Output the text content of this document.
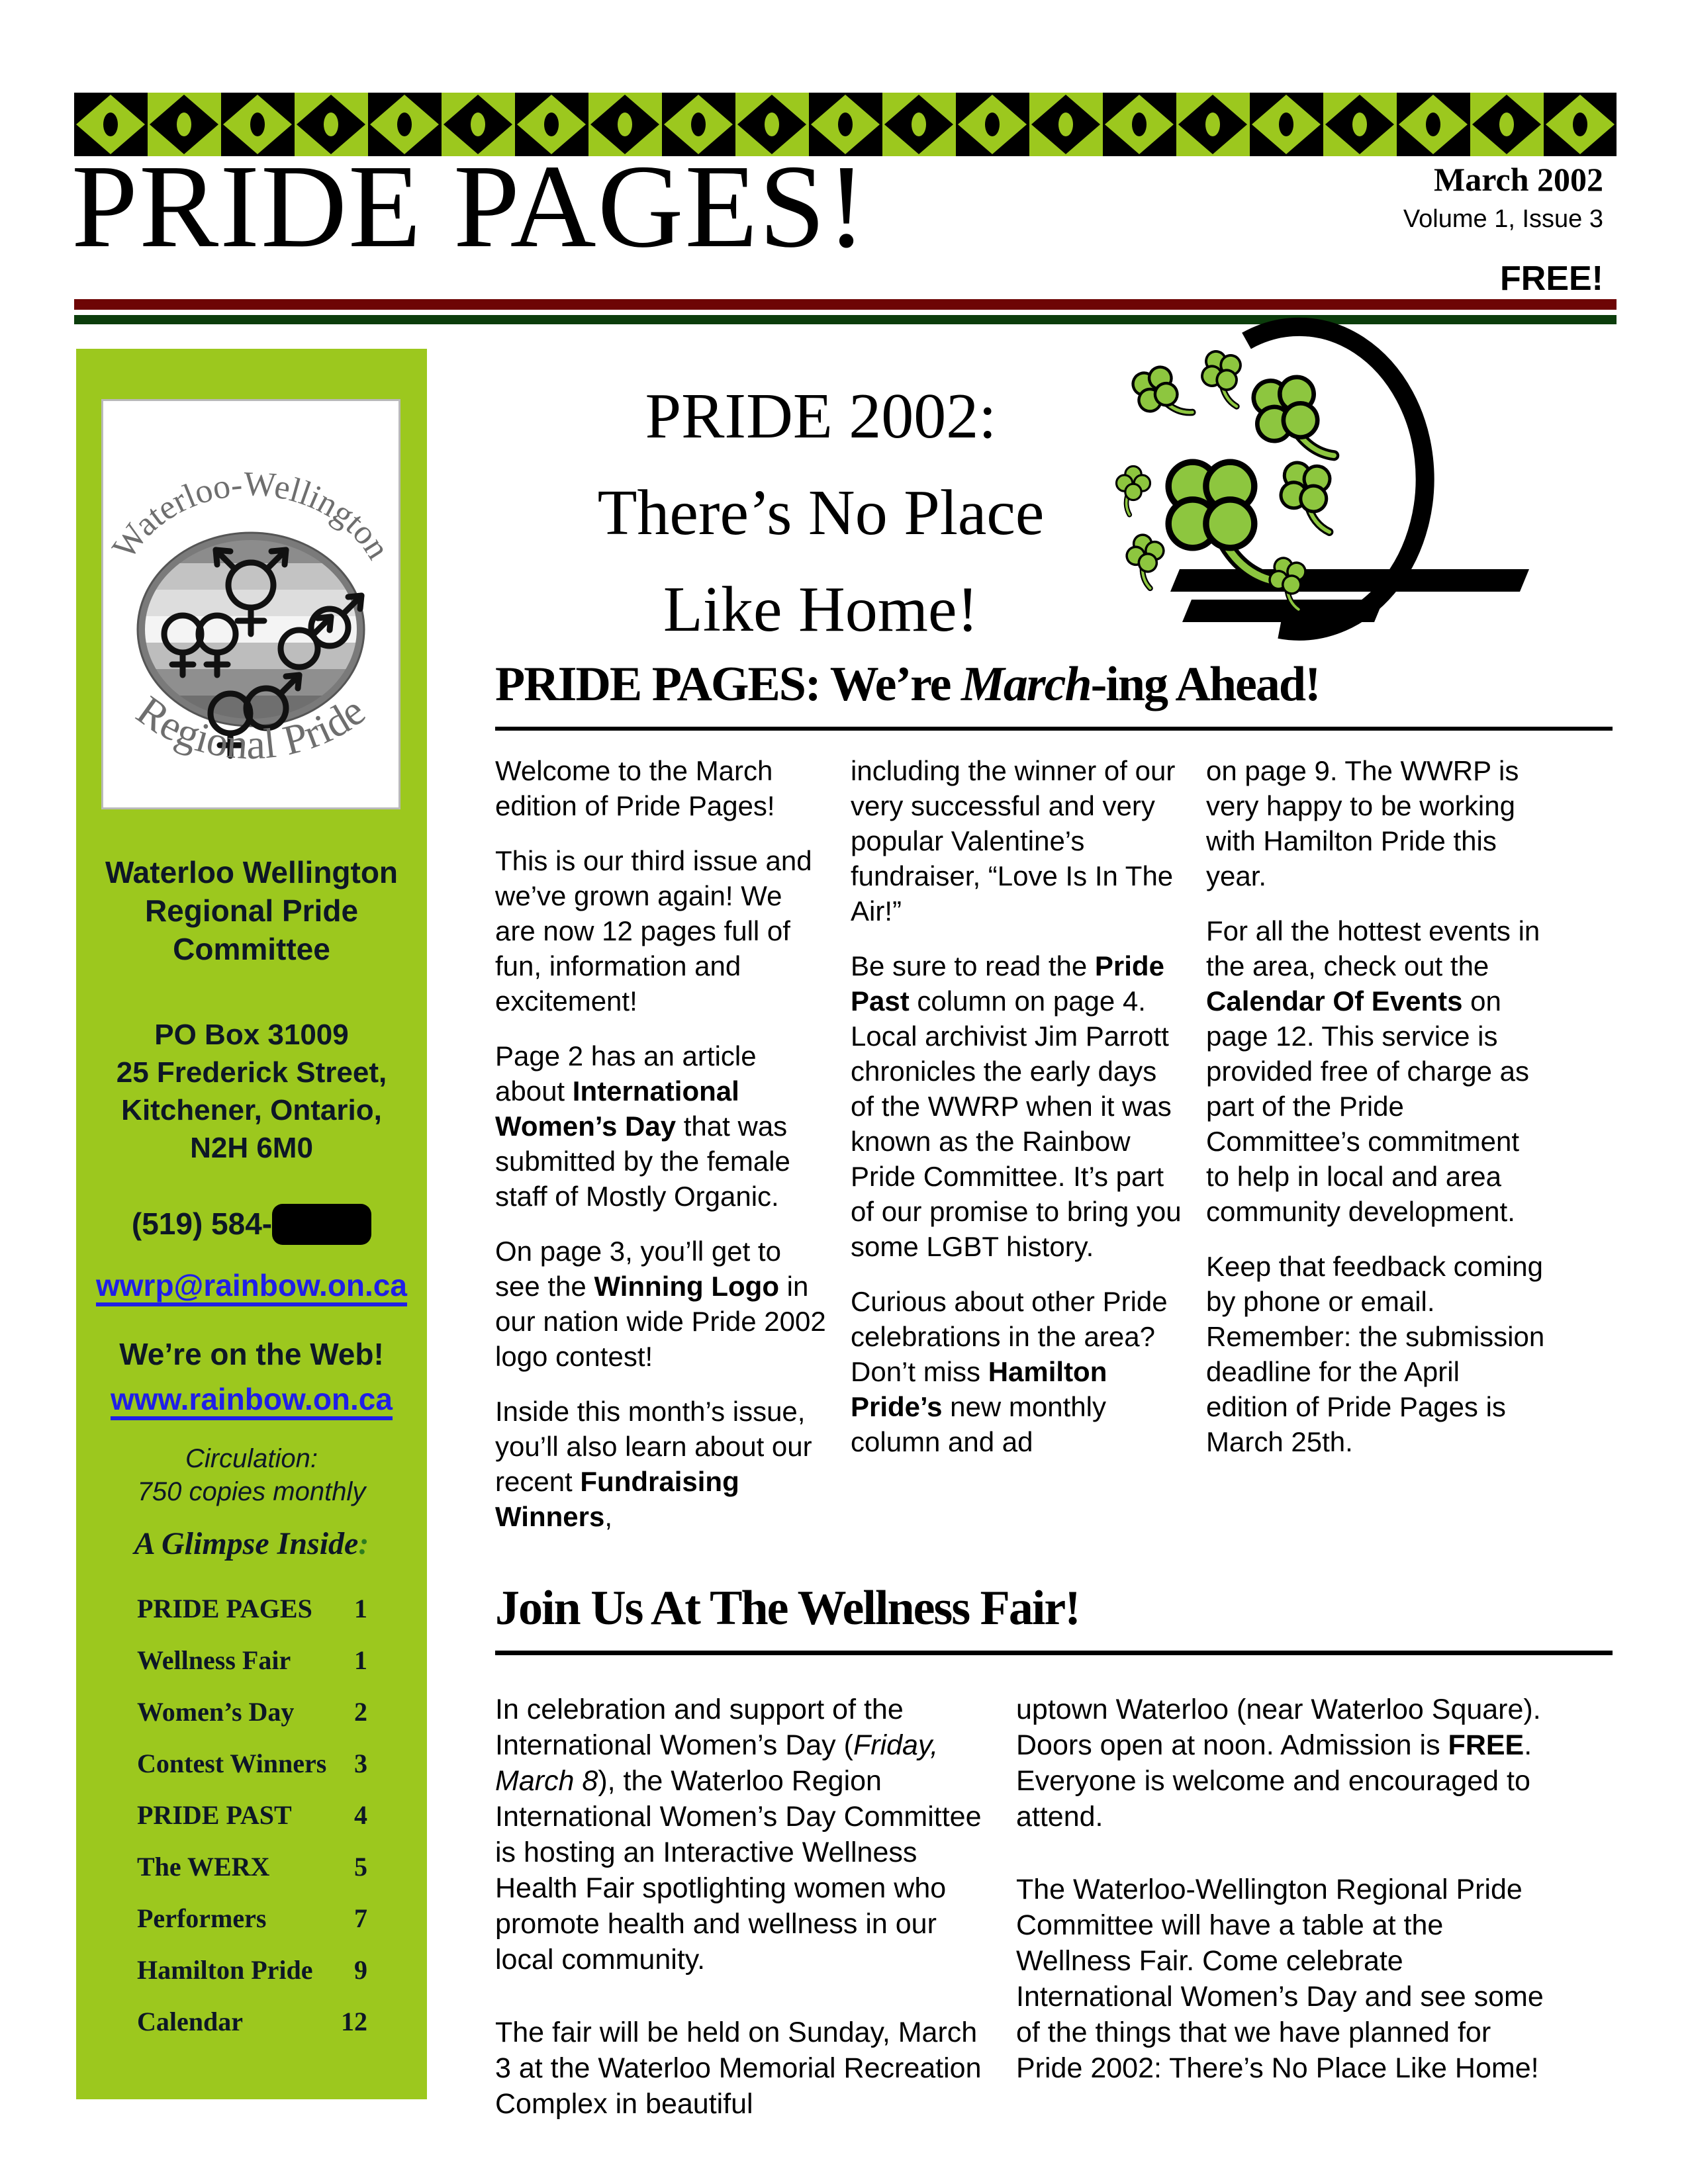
PRIDE PAGES!	March 2002
Volume 1, Issue 3
FREE!
Waterloo-Wellington
Regional Pride
Waterloo Wellington
Regional Pride
Committee
PO Box 31009
25 Frederick Street,
Kitchener, Ontario,
N2H 6M0
(519) 584-
wwrp@rainbow.on.ca
We’re on the Web!
www.rainbow.on.ca
Circulation:
750 copies monthly
A Glimpse Inside:
PRIDE PAGES 1
Wellness Fair 1
Women’s Day 2
Contest Winners 3
PRIDE PAST 4
The WERX	5
Performers	7
Hamilton Pride 9
Calendar	12
PRIDE 2002:
There’s No Place
Like Home!
PRIDE PAGES: We’re March-ing Ahead!

Welcome to the March edition of Pride Pages!

This is our third issue and we’ve grown again! We are now 12 pages full of fun, information and excitement!

Page 2 has an article about International Women’s Day that was submitted by the female staff of Mostly Organic.

On page 3, you’ll get to see the Winning Logo in our nation wide Pride 2002 logo contest!

Inside this month’s issue, you’ll also learn about our recent Fundraising Winners,

including the winner of our very successful and very popular Valentine’s fundraiser, “Love Is In The Air!”

Be sure to read the Pride Past column on page 4. Local archivist Jim Parrott chronicles the early days of the WWRP when it was known as the Rainbow Pride Committee. It’s part of our promise to bring you some LGBT history.

Curious about other Pride celebrations in the area? Don’t miss Hamilton Pride’s new monthly column and ad

on page 9. The WWRP is very happy to be working with Hamilton Pride this year.

For all the hottest events in the area, check out the Calendar Of Events on page 12. This service is provided free of charge as part of the Pride Committee’s commitment to help in local and area community development.

Keep that feedback coming by phone or email. Remember: the submission deadline for the April edition of Pride Pages is March 25th.

Join Us At The Wellness Fair!

In celebration and support of the International Women’s Day (Friday, March 8), the Waterloo Region International Women’s Day Committee is hosting an Interactive Wellness Health Fair spotlighting women who promote health and wellness in our local community.

The fair will be held on Sunday, March 3 at the Waterloo Memorial Recreation Complex in beautiful

uptown Waterloo (near Waterloo Square). Doors open at noon. Admission is FREE. Everyone is welcome and encouraged to attend.

The Waterloo-Wellington Regional Pride Committee will have a table at the Wellness Fair. Come celebrate International Women’s Day and see some of the things that we have planned for Pride 2002: There’s No Place Like Home!
